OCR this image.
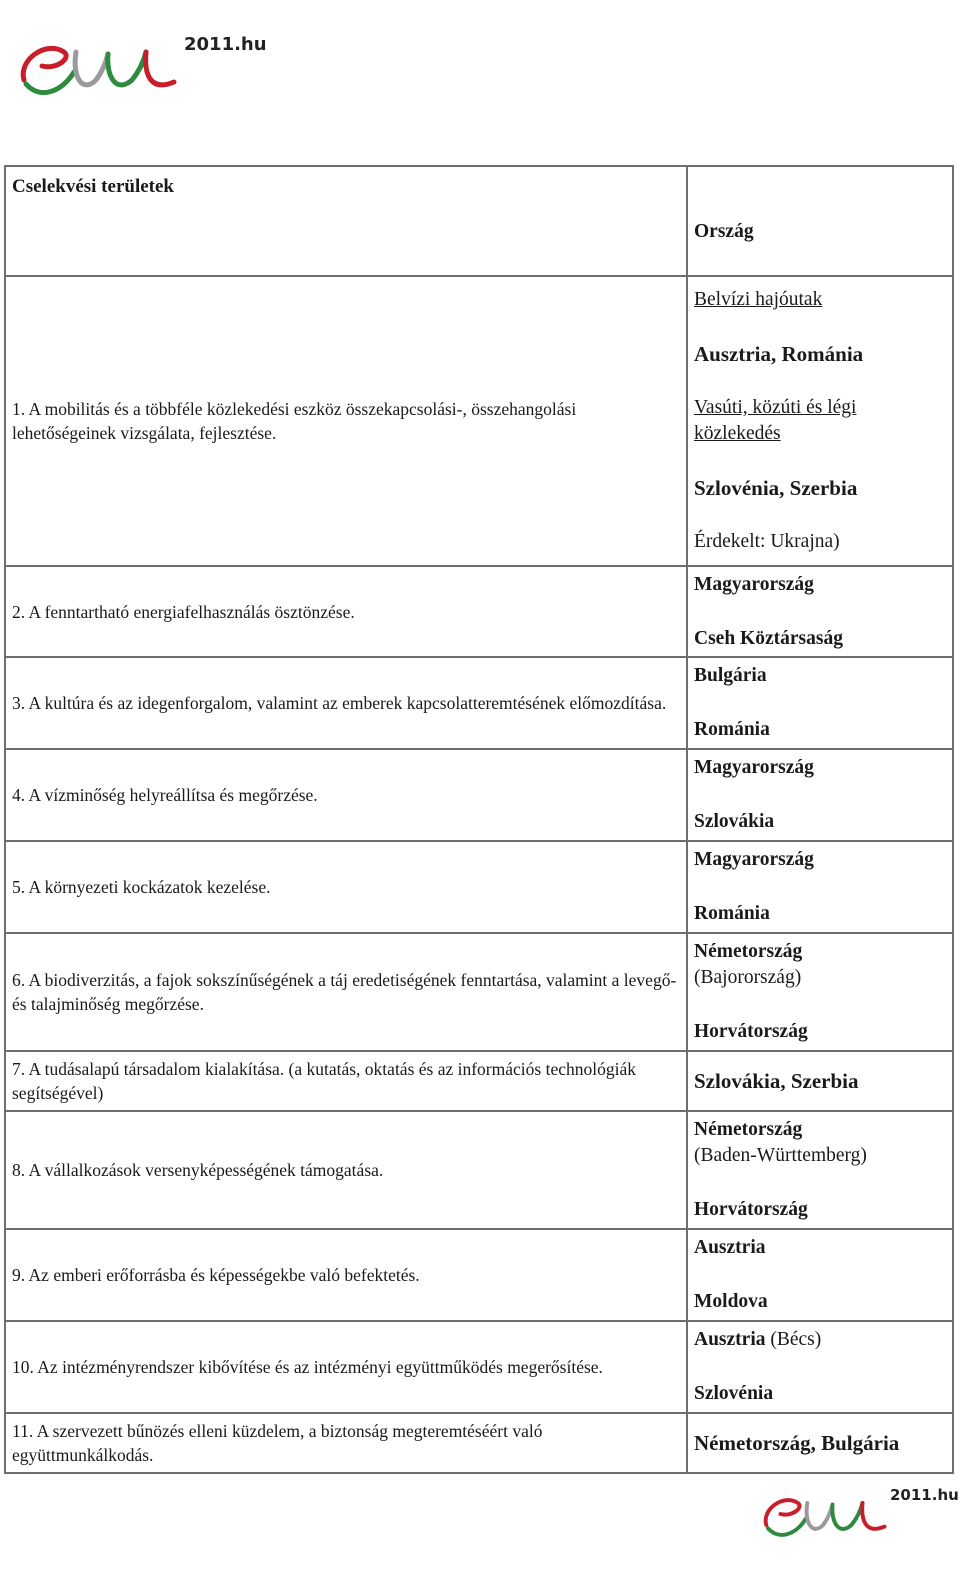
2011.hu
Cselekvési területek	Ország
1. A mobilitás és a többféle közlekedési eszköz összekapcsolási-, összehangolási lehetőségeinek vizsgálata, fejlesztése.	Belvízi hajóutak

Ausztria, Románia

Vasúti, közúti és légi közlekedés

Szlovénia, Szerbia

Érdekelt: Ukrajna)

2. A fenntartható energiafelhasználás ösztönzése.	Magyarország

Cseh Köztársaság

3. A kultúra és az idegenforgalom, valamint az emberek kapcsolatteremtésének előmozdítása.	Bulgária

Románia

4. A vízminőség helyreállítsa és megőrzése.	Magyarország

Szlovákia

5. A környezeti kockázatok kezelése.	Magyarország

Románia

6. A biodiverzitás, a fajok sokszínűségének a táj eredetiségének fenntartása, valamint a levegő- és talajminőség megőrzése.	Németország

(Bajorország)

Horvátország

7. A tudásalapú társadalom kialakítása. (a kutatás, oktatás és az információs technológiák segítségével)	Szlovákia, Szerbia

8. A vállalkozások versenyképességének támogatása.	Németország

(Baden-Württemberg)

Horvátország

9. Az emberi erőforrásba és képességekbe való befektetés.	Ausztria

Moldova

10. Az intézményrendszer kibővítése és az intézményi együttműködés megerősítése.	Ausztria (Bécs)

Szlovénia

11. A szervezett bűnözés elleni küzdelem, a biztonság megteremtéséért való együttmunkálkodás.	Németország, Bulgária

2011.hu
